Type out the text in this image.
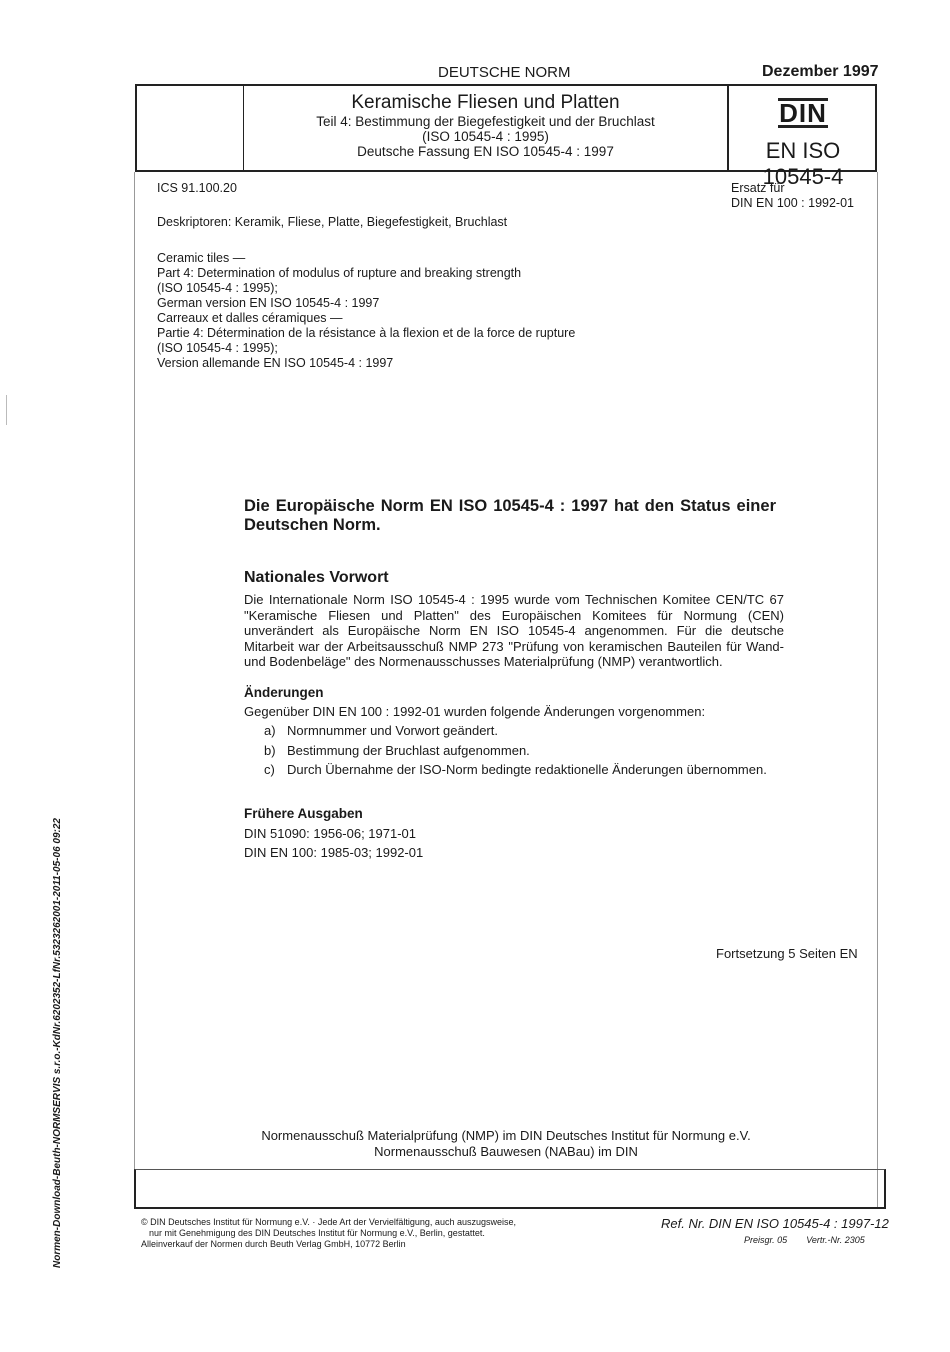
DEUTSCHE NORM	Dezember 1997
Keramische Fliesen und Platten
Teil 4: Bestimmung der Biegefestigkeit und der Bruchlast
(ISO 10545-4 : 1995)
Deutsche Fassung EN ISO 10545-4 : 1997
DIN
EN ISO 10545-4
ICS 91.100.20	Ersatz für
DIN EN 100 : 1992-01
Deskriptoren: Keramik, Fliese, Platte, Biegefestigkeit, Bruchlast
Ceramic tiles —
Part 4: Determination of modulus of rupture and breaking strength
(ISO 10545-4 : 1995);
German version EN ISO 10545-4 : 1997
Carreaux et dalles céramiques —
Partie 4: Détermination de la résistance à la flexion et de la force de rupture
(ISO 10545-4 : 1995);
Version allemande EN ISO 10545-4 : 1997
Die Europäische Norm EN ISO 10545-4 : 1997 hat den Status einer Deutschen Norm.
Nationales Vorwort
Die Internationale Norm ISO 10545-4 : 1995 wurde vom Technischen Komitee CEN/TC 67 "Keramische Fliesen und Platten" des Europäischen Komitees für Normung (CEN) unverändert als Europäische Norm EN ISO 10545-4 angenommen. Für die deutsche Mitarbeit war der Arbeitsausschuß NMP 273 "Prüfung von keramischen Bauteilen für Wand- und Bodenbeläge" des Normenausschusses Materialprüfung (NMP) verantwortlich.
Änderungen
Gegenüber DIN EN 100 : 1992-01 wurden folgende Änderungen vorgenommen:
a) Normnummer und Vorwort geändert.
b) Bestimmung der Bruchlast aufgenommen.
c) Durch Übernahme der ISO-Norm bedingte redaktionelle Änderungen übernommen.
Frühere Ausgaben
DIN 51090: 1956-06; 1971-01
DIN EN 100: 1985-03; 1992-01
Fortsetzung 5 Seiten EN
Normenausschuß Materialprüfung (NMP) im DIN Deutsches Institut für Normung e.V.
Normenausschuß Bauwesen (NABau) im DIN
© DIN Deutsches Institut für Normung e.V. · Jede Art der Vervielfältigung, auch auszugsweise,
nur mit Genehmigung des DIN Deutsches Institut für Normung e.V., Berlin, gestattet.
Alleinverkauf der Normen durch Beuth Verlag GmbH, 10772 Berlin
Ref. Nr. DIN EN ISO 10545-4 : 1997-12
Preisgr. 05 Vertr.-Nr. 2305
Normen-Download-Beuth-NORMSERVIS s.r.o.-KdNr.6202352-LfNr.5323262001-2011-05-06 09:22
